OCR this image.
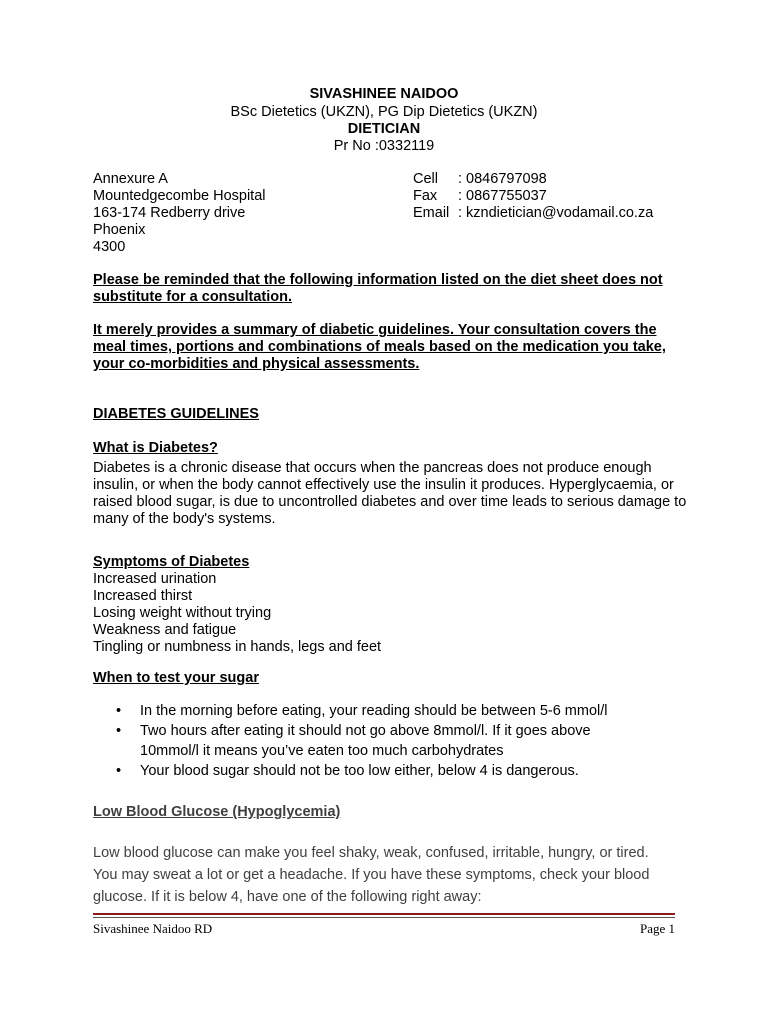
SIVASHINEE NAIDOO
BSc Dietetics (UKZN), PG Dip Dietetics (UKZN)
DIETICIAN
Pr No :0332119
Annexure A
Mountedgecombe Hospital
163-174 Redberry drive
Phoenix
4300
Cell : 0846797098
Fax : 0867755037
Email : kzndietician@vodamail.co.za
Please be reminded that the following information listed on the diet sheet does not substitute for a consultation.
It merely provides a summary of diabetic guidelines. Your consultation covers the meal times, portions and combinations of meals based on the medication you take, your co-morbidities and physical assessments.
DIABETES GUIDELINES
What is Diabetes?
Diabetes is a chronic disease that occurs when the pancreas does not produce enough insulin, or when the body cannot effectively use the insulin it produces. Hyperglycaemia, or raised blood sugar, is due to uncontrolled diabetes and over time leads to serious damage to many of the body's systems.
Symptoms of Diabetes
Increased urination
Increased thirst
Losing weight without trying
Weakness and fatigue
Tingling or numbness in hands, legs and feet
When to test your sugar
• In the morning before eating, your reading should be between 5-6 mmol/l
• Two hours after eating it should not go above 8mmol/l. If it goes above 10mmol/l it means you’ve eaten too much carbohydrates
• Your blood sugar should not be too low either, below 4 is dangerous.
Low Blood Glucose (Hypoglycemia)
Low blood glucose can make you feel shaky, weak, confused, irritable, hungry, or tired. You may sweat a lot or get a headache. If you have these symptoms, check your blood glucose. If it is below 4, have one of the following right away:
Sivashinee Naidoo RD	Page 1
